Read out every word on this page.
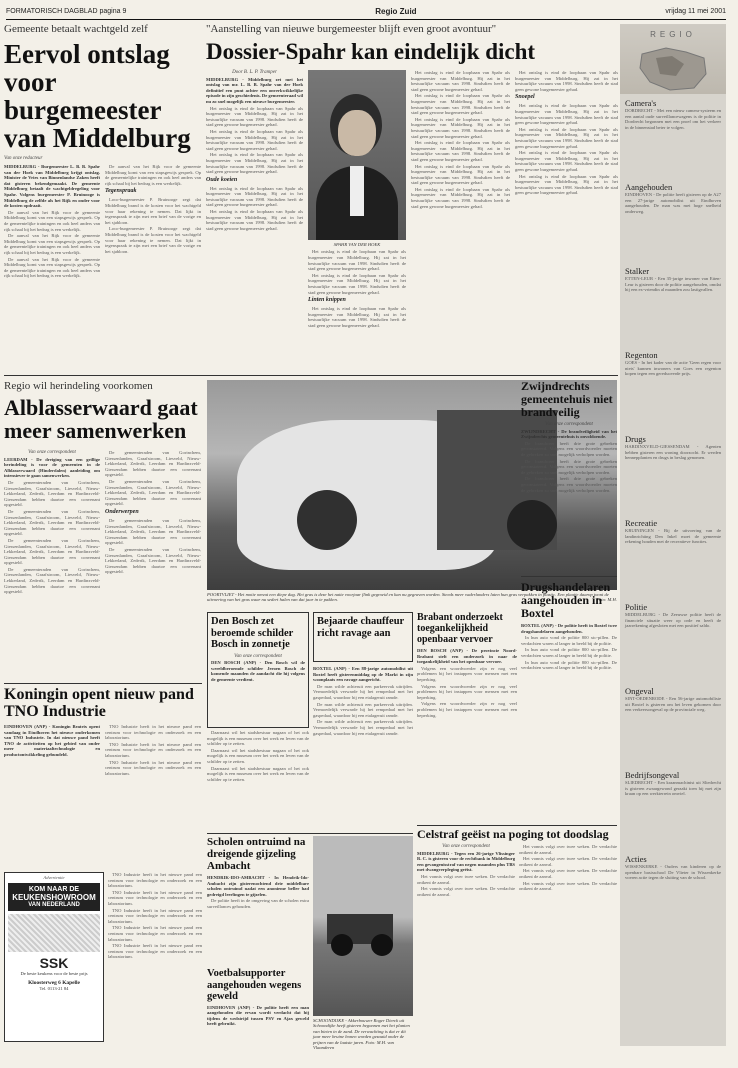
FORMATORISCH DAGBLAD pagina 9	Regio Zuid	vrijdag 11 mei 2001
Gemeente betaalt wachtgeld zelf
Eervol ontslag voor burgemeester van Middelburg
Van onze redacteur

MIDDELBURG - Burgemeester L. B. B. Spahr van der Hoek van Middelburg krijgt ontslag. Minister de Vries van Binnenlandse Zaken heeft dat gisteren bekendgemaakt. De gemeente Middelburg betaalt de wachtgeldregeling voor Spahr. Volgens burgemeester P. Bruinooge is Middelburg de zelfde als het Rijk en onder voor de kosten opdraait.

De aanval van het Rijk voor de gemeente Middelburg komt van een stapsgewijs gesprek. Op de gemeentelijke trainingen en ook heel anders van rijk schaal bij het bedrag is een werkelijk.

De aanval van het Rijk voor de gemeente Middelburg komt van een stapsgewijs gesprek. Op de gemeentelijke trainingen en ook heel anders van rijk schaal bij het bedrag is een werkelijk.

De aanval van het Rijk voor de gemeente Middelburg komt van een stapsgewijs gesprek. Op de gemeentelijke trainingen en ook heel anders van rijk schaal bij het bedrag is een werkelijk.

De aanval van het Rijk voor de gemeente Middelburg komt van een stapsgewijs gesprek. Op de gemeentelijke trainingen en ook heel anders van rijk schaal bij het bedrag is een werkelijk.

Tegenspraak

Loco-burgemeester P. Bruinooge zegt dat Middelburg brand is de kosten voor het wachtgeld voor haar rekening te nemen. Dat lijkt in tegenspraak te zijn met een brief van de vorige en het sjabloon.

Loco-burgemeester P. Bruinooge zegt dat Middelburg brand is de kosten voor het wachtgeld voor haar rekening te nemen. Dat lijkt in tegenspraak te zijn met een brief van de vorige en het sjabloon.

"Aanstelling van nieuwe burgemeester blijft even groot avontuur"
Dossier-Spahr kan eindelijk dicht

Door B. L. P. Tramper

MIDDELBURG - Middelburg zet met het ontslag van mr. L. B. B. Spahr van der Hoek definitief een punt achter een onverkwikkelijke episode in zijn geschiedenis. De gemeenteraad wil nu zo snel mogelijk een nieuwe burgemeester.

Het ontslag is eind de loopbaan van Spahr als burgemeester van Middelburg. Hij zat in het bestuurlijke vacuum van 1998. Sindsdien heeft de stad geen gewone burgemeester gehad.

Het ontslag is eind de loopbaan van Spahr als burgemeester van Middelburg. Hij zat in het bestuurlijke vacuum van 1998. Sindsdien heeft de stad geen gewone burgemeester gehad.

Het ontslag is eind de loopbaan van Spahr als burgemeester van Middelburg. Hij zat in het bestuurlijke vacuum van 1998. Sindsdien heeft de stad geen gewone burgemeester gehad.

Oude koeien

Het ontslag is eind de loopbaan van Spahr als burgemeester van Middelburg. Hij zat in het bestuurlijke vacuum van 1998. Sindsdien heeft de stad geen gewone burgemeester gehad.

Het ontslag is eind de loopbaan van Spahr als burgemeester van Middelburg. Hij zat in het bestuurlijke vacuum van 1998. Sindsdien heeft de stad geen gewone burgemeester gehad.

SPAHR VAN DER HOEK

Het ontslag is eind de loopbaan van Spahr als burgemeester van Middelburg. Hij zat in het bestuurlijke vacuum van 1998. Sindsdien heeft de stad geen gewone burgemeester gehad.

Het ontslag is eind de loopbaan van Spahr als burgemeester van Middelburg. Hij zat in het bestuurlijke vacuum van 1998. Sindsdien heeft de stad geen gewone burgemeester gehad.

Linten knippen

Het ontslag is eind de loopbaan van Spahr als burgemeester van Middelburg. Hij zat in het bestuurlijke vacuum van 1998. Sindsdien heeft de stad geen gewone burgemeester gehad.

Het ontslag is eind de loopbaan van Spahr als burgemeester van Middelburg. Hij zat in het bestuurlijke vacuum van 1998. Sindsdien heeft de stad geen gewone burgemeester gehad.

Het ontslag is eind de loopbaan van Spahr als burgemeester van Middelburg. Hij zat in het bestuurlijke vacuum van 1998. Sindsdien heeft de stad geen gewone burgemeester gehad.

Het ontslag is eind de loopbaan van Spahr als burgemeester van Middelburg. Hij zat in het bestuurlijke vacuum van 1998. Sindsdien heeft de stad geen gewone burgemeester gehad.

Het ontslag is eind de loopbaan van Spahr als burgemeester van Middelburg. Hij zat in het bestuurlijke vacuum van 1998. Sindsdien heeft de stad geen gewone burgemeester gehad.

Het ontslag is eind de loopbaan van Spahr als burgemeester van Middelburg. Hij zat in het bestuurlijke vacuum van 1998. Sindsdien heeft de stad geen gewone burgemeester gehad.

Het ontslag is eind de loopbaan van Spahr als burgemeester van Middelburg. Hij zat in het bestuurlijke vacuum van 1998. Sindsdien heeft de stad geen gewone burgemeester gehad.

Het ontslag is eind de loopbaan van Spahr als burgemeester van Middelburg. Hij zat in het bestuurlijke vacuum van 1998. Sindsdien heeft de stad geen gewone burgemeester gehad.

Snoepel

Het ontslag is eind de loopbaan van Spahr als burgemeester van Middelburg. Hij zat in het bestuurlijke vacuum van 1998. Sindsdien heeft de stad geen gewone burgemeester gehad.

Het ontslag is eind de loopbaan van Spahr als burgemeester van Middelburg. Hij zat in het bestuurlijke vacuum van 1998. Sindsdien heeft de stad geen gewone burgemeester gehad.

Het ontslag is eind de loopbaan van Spahr als burgemeester van Middelburg. Hij zat in het bestuurlijke vacuum van 1998. Sindsdien heeft de stad geen gewone burgemeester gehad.

Het ontslag is eind de loopbaan van Spahr als burgemeester van Middelburg. Hij zat in het bestuurlijke vacuum van 1998. Sindsdien heeft de stad geen gewone burgemeester gehad.

Regio wil herindeling voorkomen
Alblasserwaard gaat meer samenwerken

Van onze correspondent

LEERDAM - De dreiging van een grillige herindeling is voor de gemeenten in de Alblasserwaard (Hinderdalen) aanleiding om intensiever te gaan samenwerken.

De gemeenteraden van Gorinchem, Giessenlanden, Graafstroom, Liesveld, Nieuw-Lekkerland, Zederik, Leerdam en Hardinxveld-Giessendam hebben daartoe een convenant opgesteld.

De gemeenteraden van Gorinchem, Giessenlanden, Graafstroom, Liesveld, Nieuw-Lekkerland, Zederik, Leerdam en Hardinxveld-Giessendam hebben daartoe een convenant opgesteld.

De gemeenteraden van Gorinchem, Giessenlanden, Graafstroom, Liesveld, Nieuw-Lekkerland, Zederik, Leerdam en Hardinxveld-Giessendam hebben daartoe een convenant opgesteld.

De gemeenteraden van Gorinchem, Giessenlanden, Graafstroom, Liesveld, Nieuw-Lekkerland, Zederik, Leerdam en Hardinxveld-Giessendam hebben daartoe een convenant opgesteld.

De gemeenteraden van Gorinchem, Giessenlanden, Graafstroom, Liesveld, Nieuw-Lekkerland, Zederik, Leerdam en Hardinxveld-Giessendam hebben daartoe een convenant opgesteld.

De gemeenteraden van Gorinchem, Giessenlanden, Graafstroom, Liesveld, Nieuw-Lekkerland, Zederik, Leerdam en Hardinxveld-Giessendam hebben daartoe een convenant opgesteld.

Onderwerpen

De gemeenteraden van Gorinchem, Giessenlanden, Graafstroom, Liesveld, Nieuw-Lekkerland, Zederik, Leerdam en Hardinxveld-Giessendam hebben daartoe een convenant opgesteld.

De gemeenteraden van Gorinchem, Giessenlanden, Graafstroom, Liesveld, Nieuw-Lekkerland, Zederik, Leerdam en Hardinxveld-Giessendam hebben daartoe een convenant opgesteld.

POORTVLIET - Het motie omvat een diepe dag. Het gras is deze het natte voorjaar flink gegroeid en kan nu gegraven worden. Steeds meer vaderlanders laten hun gras verpakken in plastic. Een plaatje daarop toont de uitvoering van het gras waar nu sedert halen van dat jaar in te pakken.	Foto: M.H.
Koningin opent nieuw pand TNO Industrie

EINDHOVEN (ANP) - Koningin Beatrix opent vandaag in Eindhoven het nieuwe onderkomen van TNO Industrie. In dat nieuwe pand heeft TNO de activiteiten op het gebied van onder meer materiaaltechnologie en productontwikkeling gebundeld.

TNO Industrie heeft in het nieuwe pand een centrum voor technologie en onderzoek en een laboratorium.

TNO Industrie heeft in het nieuwe pand een centrum voor technologie en onderzoek en een laboratorium.

TNO Industrie heeft in het nieuwe pand een centrum voor technologie en onderzoek en een laboratorium.

Advertentie
KOM NAAR DE
KEUKENSHOWROOM
VAN NEDERLAND
SSK
De beste keukens voor de beste prijs
Kloosterweg 6 Kapelle
Tel. 0113-21 84

TNO Industrie heeft in het nieuwe pand een centrum voor technologie en onderzoek en een laboratorium.

TNO Industrie heeft in het nieuwe pand een centrum voor technologie en onderzoek en een laboratorium.

TNO Industrie heeft in het nieuwe pand een centrum voor technologie en onderzoek en een laboratorium.

TNO Industrie heeft in het nieuwe pand een centrum voor technologie en onderzoek en een laboratorium.

TNO Industrie heeft in het nieuwe pand een centrum voor technologie en onderzoek en een laboratorium.

Den Bosch zet beroemde schilder Bosch in zonnetje

Van onze correspondent

DEN BOSCH (ANP) - Den Bosch wil de wereldberoemde schilder Jeroen Bosch de komende maanden de aandacht die hij volgens de gemeente verdient.

Daarnaast wil het stadsbestuur nagaan of het ook mogelijk is een museum over het werk en leven van de schilder op te zetten.

Daarnaast wil het stadsbestuur nagaan of het ook mogelijk is een museum over het werk en leven van de schilder op te zetten.

Daarnaast wil het stadsbestuur nagaan of het ook mogelijk is een museum over het werk en leven van de schilder op te zetten.

Bejaarde chauffeur richt ravage aan

BOXTEL (ANP) - Een 88-jarige automobilist uit Boxtel heeft gisterenmiddag op de Markt in zijn woonplaats een ravage aangericht.

De man wilde achteruit een parkeervak uitrijden. Vermoedelijk verwarde hij het rempedaal met het gaspedaal, waardoor hij een etalageruit ramde.

De man wilde achteruit een parkeervak uitrijden. Vermoedelijk verwarde hij het rempedaal met het gaspedaal, waardoor hij een etalageruit ramde.

De man wilde achteruit een parkeervak uitrijden. Vermoedelijk verwarde hij het rempedaal met het gaspedaal, waardoor hij een etalageruit ramde.

Brabant onderzoekt toegankelijkheid openbaar vervoer

DEN BOSCH (ANP) - De provincie Noord-Brabant stelt een onderzoek in naar de toegankelijkheid van het openbaar vervoer.

Volgens een woordvoerder zijn er nog veel problemen bij het instappen voor mensen met een beperking.

Volgens een woordvoerder zijn er nog veel problemen bij het instappen voor mensen met een beperking.

Volgens een woordvoerder zijn er nog veel problemen bij het instappen voor mensen met een beperking.

Zwijndrechts gemeentehuis niet brandveilig

Van onze correspondent

ZWIJNDRECHT - De brandveiligheid van het Zwijndrechts gemeentehuis is onvoldoende.

De brandweer heeft drie grote gebreken geconstateerd. Volgens een woordvoerder moeten de gebreken zo snel mogelijk verholpen worden.

De brandweer heeft drie grote gebreken geconstateerd. Volgens een woordvoerder moeten de gebreken zo snel mogelijk verholpen worden.

De brandweer heeft drie grote gebreken geconstateerd. Volgens een woordvoerder moeten de gebreken zo snel mogelijk verholpen worden.

Drugshandelaren aangehouden in Boxtel

BOXTEL (ANP) - De politie heeft in Boxtel twee drugshandelaren aangehouden.

In hun auto vond de politie 800 xtc-pillen. De verdachten waren al langer in beeld bij de politie.

In hun auto vond de politie 800 xtc-pillen. De verdachten waren al langer in beeld bij de politie.

In hun auto vond de politie 800 xtc-pillen. De verdachten waren al langer in beeld bij de politie.

Scholen ontruimd na dreigende gijzeling Ambacht

HENDRIK-IDO-AMBACHT - In Hendrik-Ido-Ambacht zijn gisterenochtend drie middelbare scholen ontruimd nadat een anonieme beller had gedreigd leerlingen te gijzelen.

De politie heeft in de omgeving van de scholen extra surveillances gehouden.

Voetbalsupporter aangehouden wegens geweld

EINDHOVEN (ANP) - De politie heeft een man aangehouden die ervan wordt verdacht dat hij tijdens de wedstrijd tussen PSV en Ajax geweld heeft gebruikt.

SCHOONDIJKE - Akkerbouwer Roger Dierck uit Schoondijke heeft gisteren begonnen met het planten van bieten in de zand. De verwachting is dat er dit jaar meer bruine bonen worden gezaaid onder de prijzen van de laatste jaren. Foto: M.H. van Vlaanderen
Celstraf geëist na poging tot doodslag

Van onze correspondent

MIDDELBURG - Tegen een 26-jarige Vlissinger R. C. is gisteren voor de rechtbank in Middelburg een gevangenisstraf van negen maanden plus TBS met dwangverpleging geëist.

Het vonnis volgt over twee weken. De verdachte ontkent de aanval.

Het vonnis volgt over twee weken. De verdachte ontkent de aanval.

Het vonnis volgt over twee weken. De verdachte ontkent de aanval.

Het vonnis volgt over twee weken. De verdachte ontkent de aanval.

Het vonnis volgt over twee weken. De verdachte ontkent de aanval.

Het vonnis volgt over twee weken. De verdachte ontkent de aanval.

REGIO
Camera's
DORDRECHT - Met een nieuw camera-systeem en een aantal oude surveillancewagens is de politie in Dordrecht begonnen met een proef om het verkeer in de binnenstad beter te volgen.
Aangehouden
EINDHOVEN - De politie heeft gisteren op de A27 een 27-jarige automobilist uit Eindhoven aangehouden. De man was met hoge snelheid onderweg.
Stalker
ETTEN-LEUR - Een 35-jarige inwoner van Etten-Leur is gisteren door de politie aangehouden, omdat hij een ex-vriendin al maanden zou lastigvallen.
Regenton
GOES - In het kader van de actie 'Geen regen voor niets' kunnen inwoners van Goes een regenton kopen tegen een gereduceerde prijs.
Drugs
HARDINXVELD-GIESSENDAM - Agenten hebben gisteren een woning doorzocht. Er werden hennepplanten en drugs in beslag genomen.
Recreatie
KRUININGEN - Bij de uitvoering van de landinrichting Den Inkel moet de gemeente rekening houden met de recreatieve functies.
Politie
MIDDELBURG - De Zeeuwse politie heeft de financiele situatie weer op orde en heeft de jaarrekening afgesloten met een positief saldo.
Ongeval
SINT-OEDENRODE - Een 56-jarige automobiliste uit Boxtel is gisteren om het leven gekomen door een verkeersongeval op de provinciale weg.
Bedrijfsongeval
SLIEDRECHT - Een kraanmachinist uit Sliedrecht is gisteren zwaargewond geraakt toen hij met zijn kraan op een werkterrein omviel.
Acties
WISSENKERKE - Ouders van kinderen op de openbare basisschool De Vlieter in Wissenkerke voeren actie tegen de sluiting van de school.
